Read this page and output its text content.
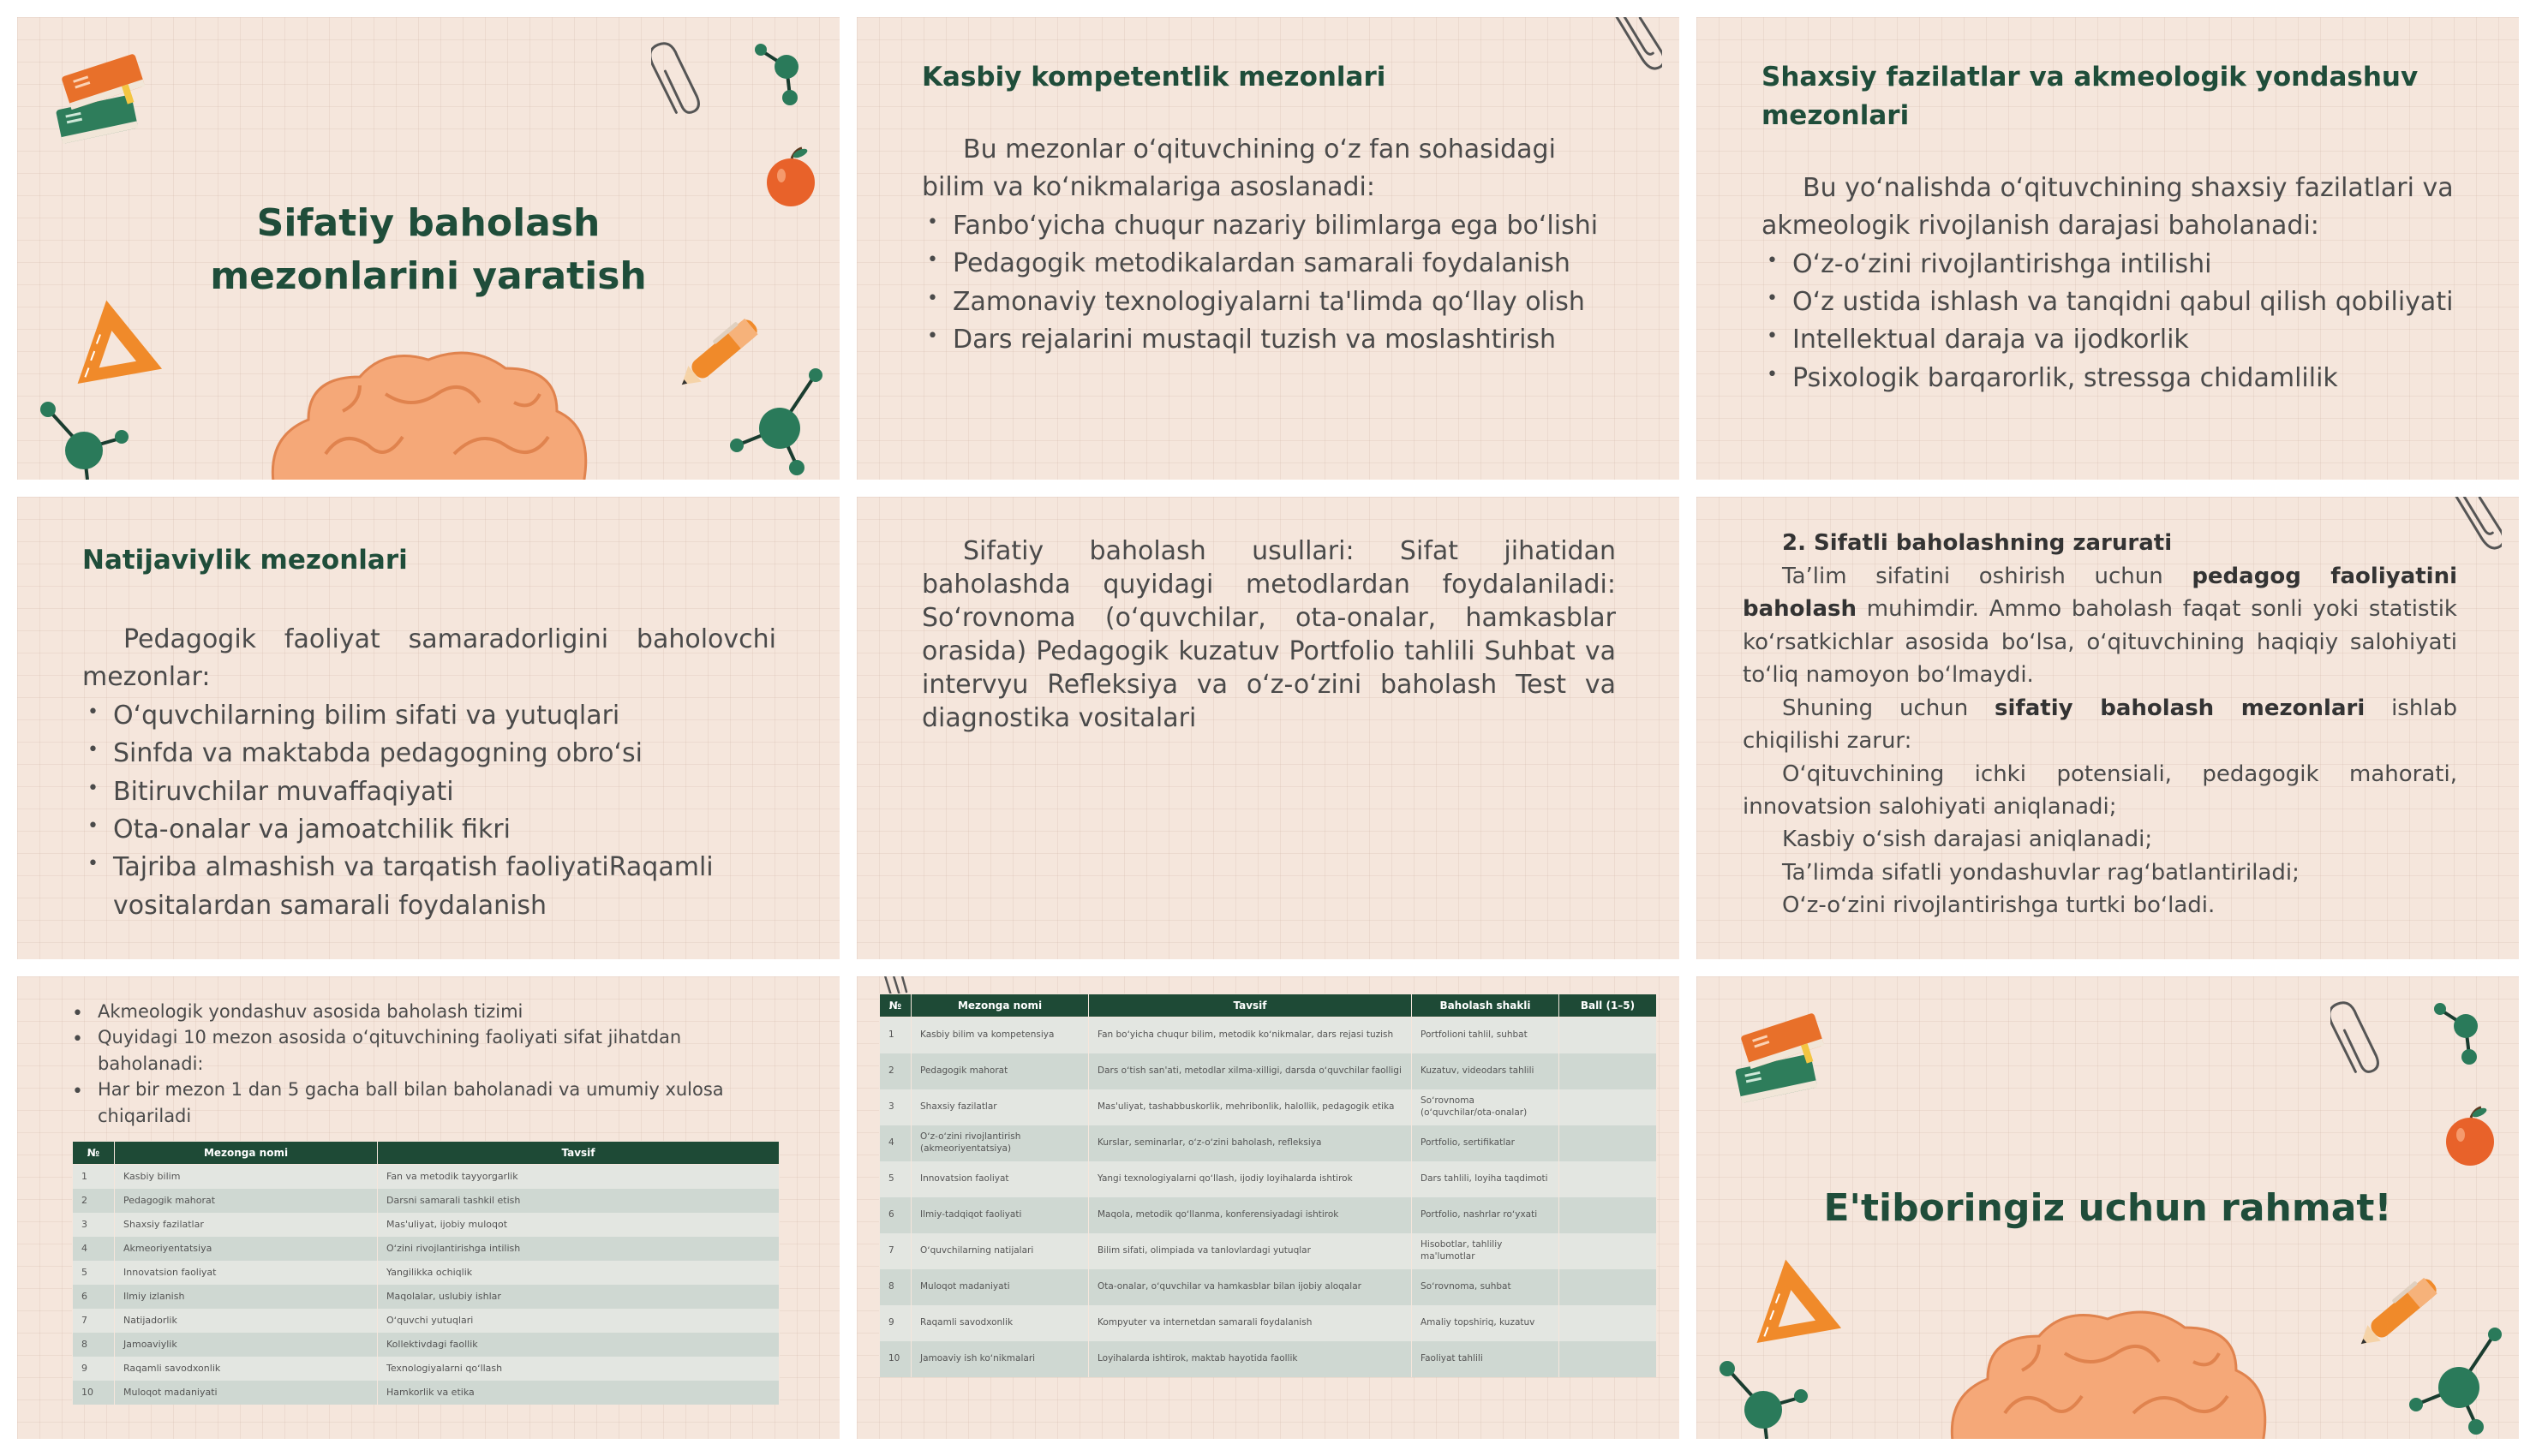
Sifatiy baholash mezonlarini yaratish

Kasbiy kompetentlik mezonlari

Bu mezonlar oʻqituvchining oʻz fan sohasidagi bilim va koʻnikmalariga asoslanadi:

• Fanboʻyicha chuqur nazariy bilimlarga ega boʻlishi
• Pedagogik metodikalardan samarali foydalanish
• Zamonaviy texnologiyalarni ta'limda qoʻllay olish
• Dars rejalarini mustaqil tuzish va moslashtirish

Shaxsiy fazilatlar va akmeologik yondashuv mezonlari

Bu yoʻnalishda oʻqituvchining shaxsiy fazilatlari va akmeologik rivojlanish darajasi baholanadi:

• Oʻz-oʻzini rivojlantirishga intilishi
• Oʻz ustida ishlash va tanqidni qabul qilish qobiliyati
• Intellektual daraja va ijodkorlik
• Psixologik barqarorlik, stressga chidamlilik

Natijaviylik mezonlari

Pedagogik faoliyat samaradorligini baholovchi mezonlar:

• Oʻquvchilarning bilim sifati va yutuqlari
• Sinfda va maktabda pedagogning obroʻsi
• Bitiruvchilar muvaffaqiyati
• Ota-onalar va jamoatchilik fikri
• Tajriba almashish va tarqatish faoliyatiRaqamli vositalardan samarali foydalanish

Sifatiy baholash usullari: Sifat jihatidan baholashda quyidagi metodlardan foydalaniladi: Soʻrovnoma (oʻquvchilar, ota-onalar, hamkasblar orasida) Pedagogik kuzatuv Portfolio tahlili Suhbat va intervyu Refleksiya va oʻz-oʻzini baholash Test va diagnostika vositalari

2. Sifatli baholashning zarurati

Ta’lim sifatini oshirish uchun pedagog faoliyatini baholash muhimdir. Ammo baholash faqat sonli yoki statistik koʻrsatkichlar asosida boʻlsa, oʻqituvchining haqiqiy salohiyati toʻliq namoyon boʻlmaydi.

Shuning uchun sifatiy baholash mezonlari ishlab chiqilishi zarur:

Oʻqituvchining ichki potensiali, pedagogik mahorati, innovatsion salohiyati aniqlanadi;

Kasbiy oʻsish darajasi aniqlanadi;

Ta’limda sifatli yondashuvlar ragʻbatlantiriladi;

Oʻz-oʻzini rivojlantirishga turtki boʻladi.

• Akmeologik yondashuv asosida baholash tizimi
• Quyidagi 10 mezon asosida oʻqituvchining faoliyati sifat jihatdan baholanadi:
• Har bir mezon 1 dan 5 gacha ball bilan baholanadi va umumiy xulosa chiqariladi
№	Mezonga nomi	Tavsif
1	Kasbiy bilim	Fan va metodik tayyorgarlik
2	Pedagogik mahorat	Darsni samarali tashkil etish
3	Shaxsiy fazilatlar	Mas'uliyat, ijobiy muloqot
4	Akmeoriyentatsiya	Oʻzini rivojlantirishga intilish
5	Innovatsion faoliyat	Yangilikka ochiqlik
6	Ilmiy izlanish	Maqolalar, uslubiy ishlar
7	Natijadorlik	Oʻquvchi yutuqlari
8	Jamoaviylik	Kollektivdagi faollik
9	Raqamli savodxonlik	Texnologiyalarni qoʻllash
10	Muloqot madaniyati	Hamkorlik va etika
№	Mezonga nomi	Tavsif	Baholash shakli	Ball (1–5)
1	Kasbiy bilim va kompetensiya	Fan boʻyicha chuqur bilim, metodik koʻnikmalar, dars rejasi tuzish	Portfolioni tahlil, suhbat	
2	Pedagogik mahorat	Dars oʻtish san'ati, metodlar xilma-xilligi, darsda oʻquvchilar faolligi	Kuzatuv, videodars tahlili	
3	Shaxsiy fazilatlar	Mas'uliyat, tashabbuskorlik, mehribonlik, halollik, pedagogik etika	Soʻrovnoma (oʻquvchilar/ota-onalar)	
4	Oʻz-oʻzini rivojlantirish (akmeoriyentatsiya)	Kurslar, seminarlar, oʻz-oʻzini baholash, refleksiya	Portfolio, sertifikatlar	
5	Innovatsion faoliyat	Yangi texnologiyalarni qoʻllash, ijodiy loyihalarda ishtirok	Dars tahlili, loyiha taqdimoti	
6	Ilmiy-tadqiqot faoliyati	Maqola, metodik qoʻllanma, konferensiyadagi ishtirok	Portfolio, nashrlar roʻyxati	
7	Oʻquvchilarning natijalari	Bilim sifati, olimpiada va tanlovlardagi yutuqlar	Hisobotlar, tahliliy ma'lumotlar	
8	Muloqot madaniyati	Ota-onalar, oʻquvchilar va hamkasblar bilan ijobiy aloqalar	Soʻrovnoma, suhbat	
9	Raqamli savodxonlik	Kompyuter va internetdan samarali foydalanish	Amaliy topshiriq, kuzatuv	
10	Jamoaviy ish koʻnikmalari	Loyihalarda ishtirok, maktab hayotida faollik	Faoliyat tahlili	
E'tiboringiz uchun rahmat!
